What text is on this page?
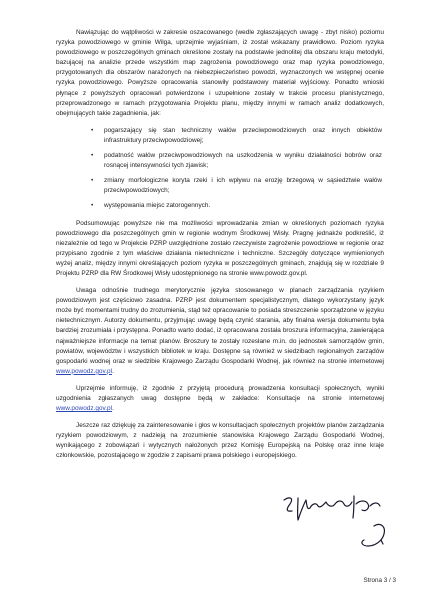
Nawiązując do wątpliwości w zakresie oszacowanego (wedle zgłaszających uwagę - zbyt nisko) poziomu ryzyka powodziowego w gminie Wilga, uprzejmie wyjaśniam, iż został wskazany prawidłowo. Poziom ryzyka powodziowego w poszczególnych gminach określone zostały na podstawie jednolitej dla obszaru kraju metodyki, bazującej na analizie przede wszystkim map zagrożenia powodziowego oraz map ryzyka powodziowego, przygotowanych dla obszarów narażonych na niebezpieczeństwo powodzi, wyznaczonych we wstępnej ocenie ryzyka powodziowego. Powyższe opracowania stanowiły podstawowy materiał wyjściowy. Ponadto wnioski płynące z powyższych opracowań potwierdzone i uzupełnione zostały w trakcie procesu planistycznego, przeprowadzonego w ramach przygotowania Projektu planu, między innymi w ramach analiz dodatkowych, obejmujących takie zagadnienia, jak:

• pogarszający się stan techniczny wałów przeciwpowodziowych oraz innych obiektów infrastruktury przeciwpowodziowej;
• podatność wałów przeciwpowodziowych na uszkodzenia w wyniku działalności bobrów oraz rosnącej intensywności tych zjawisk;
• zmiany morfologiczne koryta rzeki i ich wpływu na erozję brzegową w sąsiedztwie wałów przeciwpowodziowych;
• występowania miejsc zatorogennych.

Podsumowując powyższe nie ma możliwości wprowadzania zmian w określonych poziomach ryzyka powodziowego dla poszczególnych gmin w regionie wodnym Środkowej Wisły. Pragnę jednakże podkreślić, iż niezależnie od tego w Projekcie PZRP uwzględnione zostało rzeczywiste zagrożenie powodziowe w regionie oraz przypisano zgodnie z tym właściwe działania nietechniczne i techniczne. Szczegóły dotyczące wymienionych wyżej analiz, między innymi określających poziom ryzyka w poszczególnych gminach, znajdują się w rozdziale 9 Projektu PZRP dla RW Środkowej Wisły udostępnionego na stronie www.powodz.gov.pl.

Uwaga odnośnie trudnego merytorycznie języka stosowanego w planach zarządzania ryzykiem powodziowym jest częściowo zasadna. PZRP jest dokumentem specjalistycznym, dlatego wykorzystany język może być momentami trudny do zrozumienia, stąd też opracowanie to posiada streszczenie sporządzone w języku nietechnicznym. Autorzy dokumentu, przyjmując uwagę będą czynić starania, aby finalna wersja dokumentu była bardziej zrozumiała i przystępna. Ponadto warto dodać, iż opracowana została broszura informacyjna, zawierająca najważniejsze informacje na temat planów. Broszury te zostały rozesłane m.in. do jednostek samorządów gmin, powiatów, województw i wszystkich bibliotek w kraju. Dostępne są również w siedzibach regionalnych zarządów gospodarki wodnej oraz w siedzibie Krajowego Zarządu Gospodarki Wodnej, jak również na stronie internetowej www.powodz.gov.pl.

Uprzejmie informuję, iż zgodnie z przyjętą procedurą prowadzenia konsultacji społecznych, wyniki uzgodnienia zgłaszanych uwag dostępne będą w zakładce: Konsultacje na stronie internetowej www.powodz.gov.pl.

Jeszcze raz dziękuję za zainteresowanie i głos w konsultacjach społecznych projektów planów zarządzania ryzykiem powodziowym, z nadzieją na zrozumienie stanowiska Krajowego Zarządu Gospodarki Wodnej, wynikającego z zobowiązań i wytycznych nałożonych przez Komisję Europejską na Polskę oraz inne kraje członkowskie, pozostającego w zgodzie z zapisami prawa polskiego i europejskiego.

Strona 3 / 3
